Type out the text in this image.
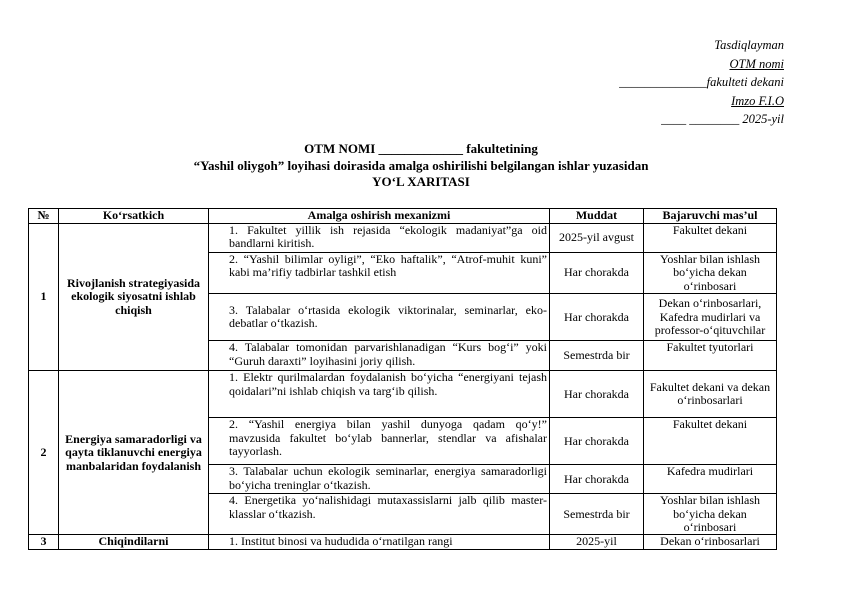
Tasdiqlayman
OTM nomi
______________fakulteti dekani
Imzo F.I.O
____ ________ 2025-yil
OTM NOMI _____________ fakultetining
“Yashil oliygoh” loyihasi doirasida amalga oshirilishi belgilangan ishlar yuzasidan
YO‘L XARITASI
№	Ko‘rsatkich	Amalga oshirish mexanizmi	Muddat	Bajaruvchi mas’ul
1	Rivojlanish strategiyasida ekologik siyosatni ishlab chiqish	1. Fakultet yillik ish rejasida “ekologik madaniyat”ga oid bandlarni kiritish.	2025-yil avgust	Fakultet dekani

		2. “Yashil bilimlar oyligi”, “Eko haftalik”, “Atrof-muhit kuni” kabi ma’rifiy tadbirlar tashkil etish	Har chorakda	Yoshlar bilan ishlash bo‘yicha dekan o‘rinbosari

		3. Talabalar o‘rtasida ekologik viktorinalar, seminarlar, eko-debatlar o‘tkazish.	Har chorakda	Dekan o‘rinbosarlari, Kafedra mudirlari va professor-o‘qituvchilar

		4. Talabalar tomonidan parvarishlanadigan “Kurs bog‘i” yoki “Guruh daraxti” loyihasini joriy qilish.	Semestrda bir	Fakultet tyutorlari
2	Energiya samaradorligi va qayta tiklanuvchi energiya manbalaridan foydalanish	1. Elektr qurilmalardan foydalanish bo‘yicha “energiyani tejash qoidalari”ni ishlab chiqish va targ‘ib qilish.	Har chorakda	Fakultet dekani va dekan o‘rinbosarlari

		2. “Yashil energiya bilan yashil dunyoga qadam qo‘y!” mavzusida fakultet bo‘ylab bannerlar, stendlar va afishalar tayyorlash.	Har chorakda	Fakultet dekani

		3. Talabalar uchun ekologik seminarlar, energiya samaradorligi bo‘yicha treninglar o‘tkazish.	Har chorakda	Kafedra mudirlari

		4. Energetika yo‘nalishidagi mutaxassislarni jalb qilib master-klasslar o‘tkazish.	Semestrda bir	Yoshlar bilan ishlash bo‘yicha dekan o‘rinbosari
3	Chiqindilarni	1. Institut binosi va hududida o‘rnatilgan rangi	2025-yil	Dekan o‘rinbosarlari
